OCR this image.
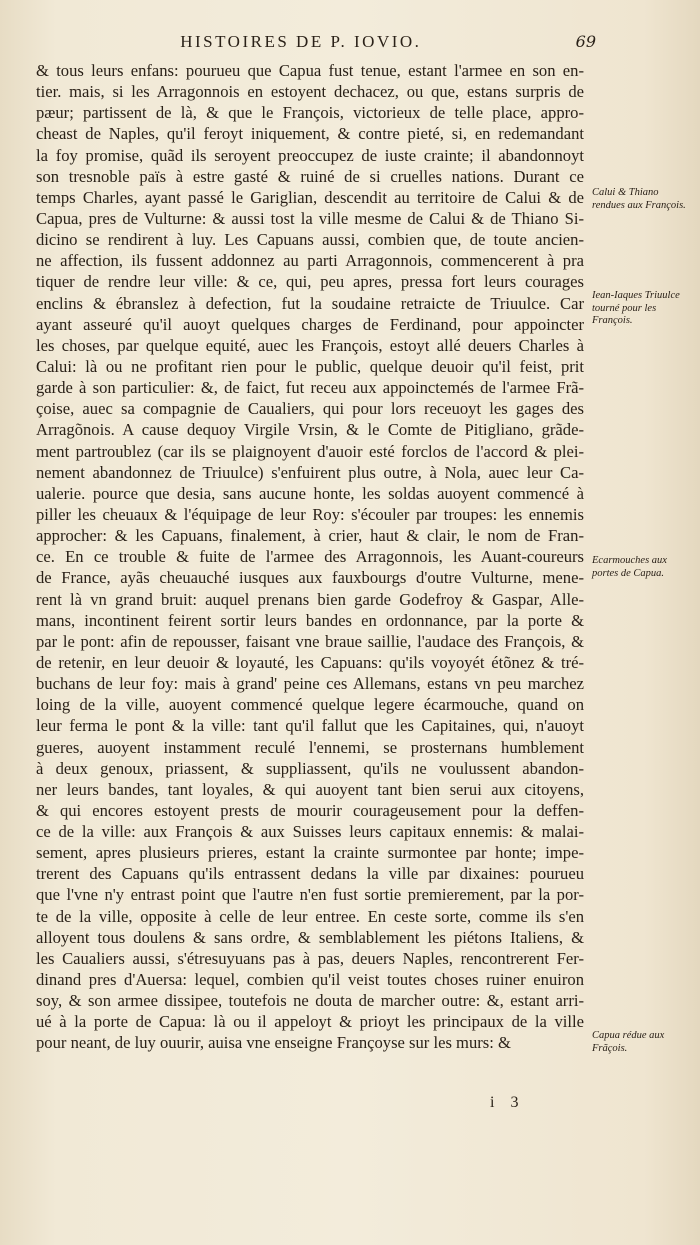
HISTOIRES DE P. IOVIO.	69
& tous leurs enfans: pourueu que Capua fust tenue, estant l'armee en son en-
tier. mais, si les Arragonnois en estoyent dechacez, ou que, estans surpris de
pæur; partissent de là, & que le François, victorieux de telle place, appro-
cheast de Naples, qu'il feroyt iniquement, & contre pieté, si, en redemandant
la foy promise, quãd ils seroyent preoccupez de iuste crainte; il abandonnoyt
son tresnoble païs à estre gasté & ruiné de si cruelles nations. Durant ce
temps Charles, ayant passé le Gariglian, descendit au territoire de Calui & de
Capua, pres de Vulturne: & aussi tost la ville mesme de Calui & de Thiano Si-
dicino se rendirent à luy. Les Capuans aussi, combien que, de toute ancien-
ne affection, ils fussent addonnez au parti Arragonnois, commencerent à pra
tiquer de rendre leur ville: & ce, qui, peu apres, pressa fort leurs courages
enclins & ébranslez à defection, fut la soudaine retraicte de Triuulce. Car
ayant asseuré qu'il auoyt quelques charges de Ferdinand, pour appoincter
les choses, par quelque equité, auec les François, estoyt allé deuers Charles à
Calui: là ou ne profitant rien pour le public, quelque deuoir qu'il feist, prit
garde à son particulier: &, de faict, fut receu aux appoinctemés de l'armee Frã-
çoise, auec sa compagnie de Caualiers, qui pour lors receuoyt les gages des
Arragõnois. A cause dequoy Virgile Vrsin, & le Comte de Pitigliano, grãde-
ment partroublez (car ils se plaignoyent d'auoir esté forclos de l'accord & plei-
nement abandonnez de Triuulce) s'enfuirent plus outre, à Nola, auec leur Ca-
ualerie. pource que desia, sans aucune honte, les soldas auoyent commencé à
piller les cheuaux & l'équipage de leur Roy: s'écouler par troupes: les ennemis
approcher: & les Capuans, finalement, à crier, haut & clair, le nom de Fran-
ce. En ce trouble & fuite de l'armee des Arragonnois, les Auant-coureurs
de France, ayãs cheuauché iusques aux fauxbourgs d'outre Vulturne, mene-
rent là vn grand bruit: auquel prenans bien garde Godefroy & Gaspar, Alle-
mans, incontinent feirent sortir leurs bandes en ordonnance, par la porte &
par le pont: afin de repousser, faisant vne braue saillie, l'audace des François, &
de retenir, en leur deuoir & loyauté, les Capuans: qu'ils voyoyét étõnez & tré-
buchans de leur foy: mais à grand' peine ces Allemans, estans vn peu marchez
loing de la ville, auoyent commencé quelque legere écarmouche, quand on
leur ferma le pont & la ville: tant qu'il fallut que les Capitaines, qui, n'auoyt
gueres, auoyent instamment reculé l'ennemi, se prosternans humblement
à deux genoux, priassent, & suppliassent, qu'ils ne voulussent abandon-
ner leurs bandes, tant loyales, & qui auoyent tant bien serui aux citoyens,
& qui encores estoyent prests de mourir courageusement pour la deffen-
ce de la ville: aux François & aux Suisses leurs capitaux ennemis: & malai-
sement, apres plusieurs prieres, estant la crainte surmontee par honte; impe-
trerent des Capuans qu'ils entrassent dedans la ville par dixaines: pourueu
que l'vne n'y entrast point que l'autre n'en fust sortie premierement, par la por-
te de la ville, opposite à celle de leur entree. En ceste sorte, comme ils s'en
alloyent tous doulens & sans ordre, & semblablement les piétons Italiens, &
les Caualiers aussi, s'étresuyuans pas à pas, deuers Naples, rencontrerent Fer-
dinand pres d'Auersa: lequel, combien qu'il veist toutes choses ruiner enuiron
soy, & son armee dissipee, toutefois ne douta de marcher outre: &, estant arri-
ué à la porte de Capua: là ou il appeloyt & prioyt les principaux de la ville
pour neant, de luy ouurir, auisa vne enseigne Françoyse sur les murs: &
Calui & Thiano rendues aux François.
Iean-Iaques Triuulce tourné pour les François.
Ecarmouches aux portes de Capua.
Capua rédue aux Frãçois.
i 3
